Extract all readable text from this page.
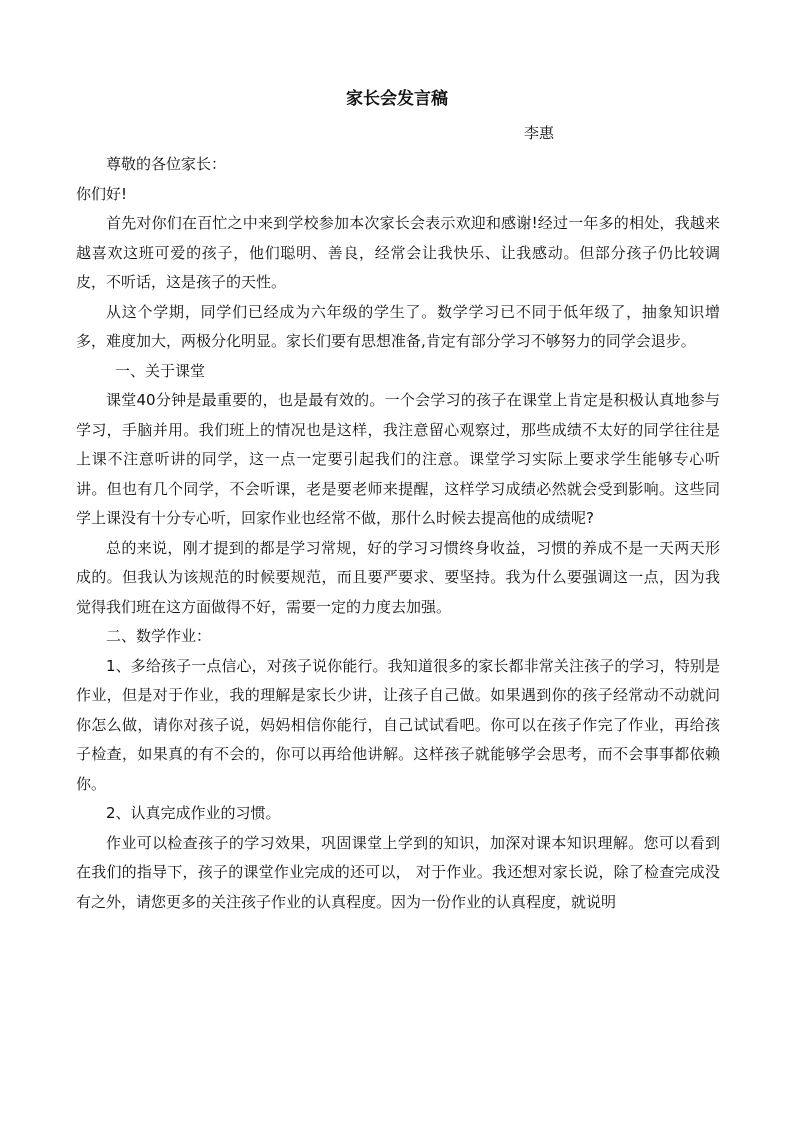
家长会发言稿
李惠

尊敬的各位家长：

你们好!

首先对你们在百忙之中来到学校参加本次家长会表示欢迎和感谢!经过一年多的相处，我越来越喜欢这班可爱的孩子，他们聪明、善良，经常会让我快乐、让我感动。但部分孩子仍比较调皮，不听话，这是孩子的天性。

从这个学期，同学们已经成为六年级的学生了。数学学习已不同于低年级了，抽象知识增多，难度加大，两极分化明显。家长们要有思想准备,肯定有部分学习不够努力的同学会退步。

一、关于课堂

课堂40分钟是最重要的，也是最有效的。一个会学习的孩子在课堂上肯定是积极认真地参与学习，手脑并用。我们班上的情况也是这样，我注意留心观察过，那些成绩不太好的同学往往是上课不注意听讲的同学，这一点一定要引起我们的注意。课堂学习实际上要求学生能够专心听讲。但也有几个同学，不会听课，老是要老师来提醒，这样学习成绩必然就会受到影响。这些同学上课没有十分专心听，回家作业也经常不做，那什么时候去提高他的成绩呢?

总的来说，刚才提到的都是学习常规，好的学习习惯终身收益，习惯的养成不是一天两天形成的。但我认为该规范的时候要规范，而且要严要求、要坚持。我为什么要强调这一点，因为我觉得我们班在这方面做得不好，需要一定的力度去加强。

二、数学作业：

1、多给孩子一点信心，对孩子说你能行。我知道很多的家长都非常关注孩子的学习，特别是作业，但是对于作业，我的理解是家长少讲，让孩子自己做。如果遇到你的孩子经常动不动就问你怎么做，请你对孩子说，妈妈相信你能行，自己试试看吧。你可以在孩子作完了作业，再给孩子检查，如果真的有不会的，你可以再给他讲解。这样孩子就能够学会思考，而不会事事都依赖你。

2、认真完成作业的习惯。

作业可以检查孩子的学习效果，巩固课堂上学到的知识，加深对课本知识理解。您可以看到在我们的指导下，孩子的课堂作业完成的还可以， 对于作业。我还想对家长说，除了检查完成没有之外，请您更多的关注孩子作业的认真程度。因为一份作业的认真程度，就说明
